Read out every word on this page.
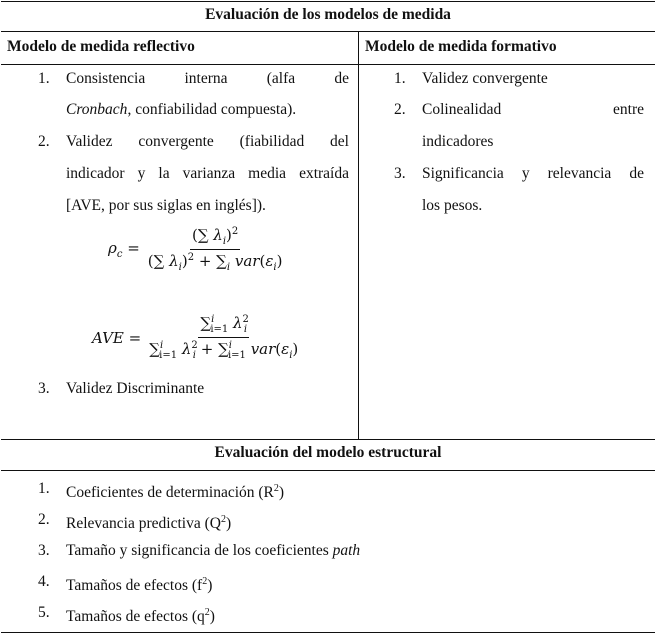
Evaluación de los modelos de medida
Modelo de medida reflectivo	Modelo de medida formativo
1. Consistencia interna (alfa de
Cronbach, confiabilidad compuesta).
2. Validez convergente (fiabilidad del
indicador y la varianza media extraída
[AVE, por sus siglas en inglés]).
$\rho_c = \frac{(\sum \lambda_i)^2}{(\sum \lambda_i)^2 + \sum_i var(\varepsilon_i)}$
AVE = $\frac{\sum^i_{i=1} \lambda^2_i}{\sum^i_{i=1} \lambda^2_i + \sum^i_{i=1} var(\varepsilon_i)}$
3. Validez Discriminante
1. Validez convergente
2. Colinealidad entre
indicadores
3. Significancia y relevancia de
los pesos.
Evaluación del modelo estructural
1. Coeficientes de determinación $(R^2)$
2. Relevancia predictiva $(Q^2)$
3. Tamaño y significancia de los coeficientes path
4. Tamaños de efectos $(f^2)$
5. Tamaños de efectos $(q^2)$
